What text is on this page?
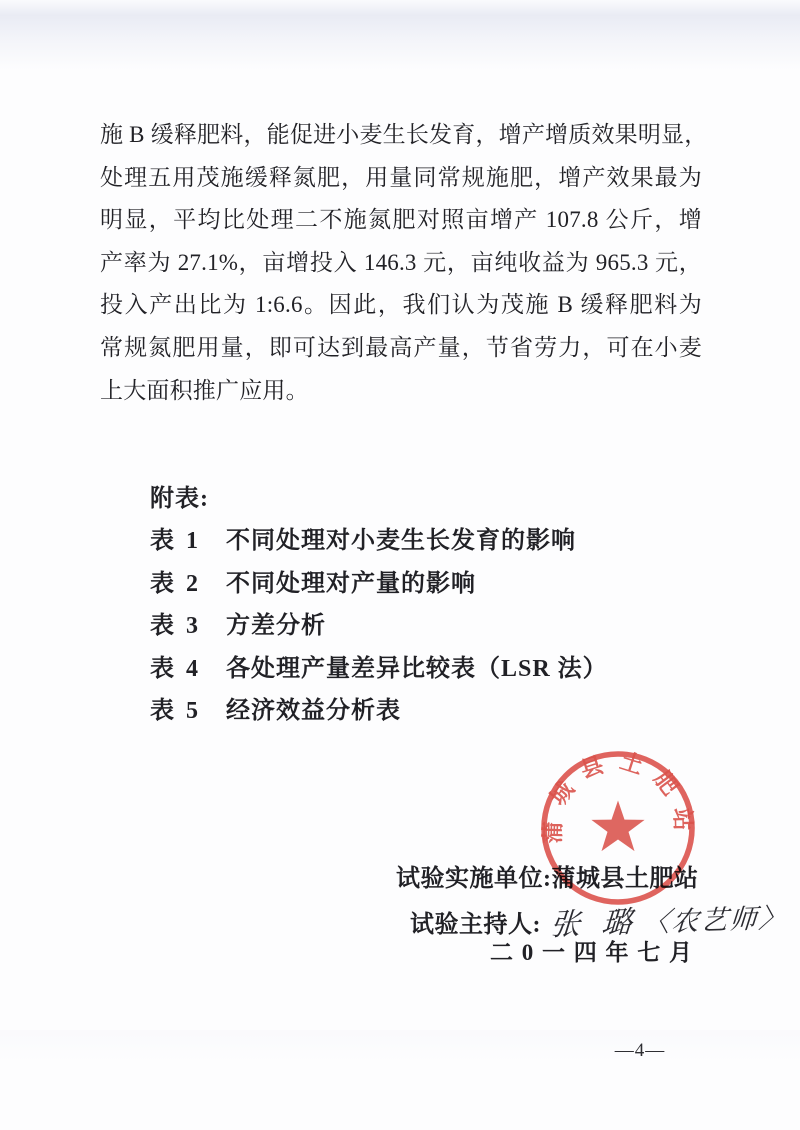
施 B 缓释肥料，能促进小麦生长发育，增产增质效果明显，
处理五用茂施缓释氮肥，用量同常规施肥，增产效果最为
明显，平均比处理二不施氮肥对照亩增产 107.8 公斤，增
产率为 27.1%，亩增投入 146.3 元，亩纯收益为 965.3 元，
投入产出比为 1:6.6。因此，我们认为茂施 B 缓释肥料为
常规氮肥用量，即可达到最高产量，节省劳力，可在小麦
上大面积推广应用。
附表:
表 1 不同处理对小麦生长发育的影响
表 2 不同处理对产量的影响
表 3 方差分析
表 4 各处理产量差异比较表（LSR 法）
表 5 经济效益分析表
试验实施单位:蒲城县土肥站
试验主持人: 张 璐〈农艺师〉
二 0 一 四 年 七 月
蒲城县土肥站
—4—
